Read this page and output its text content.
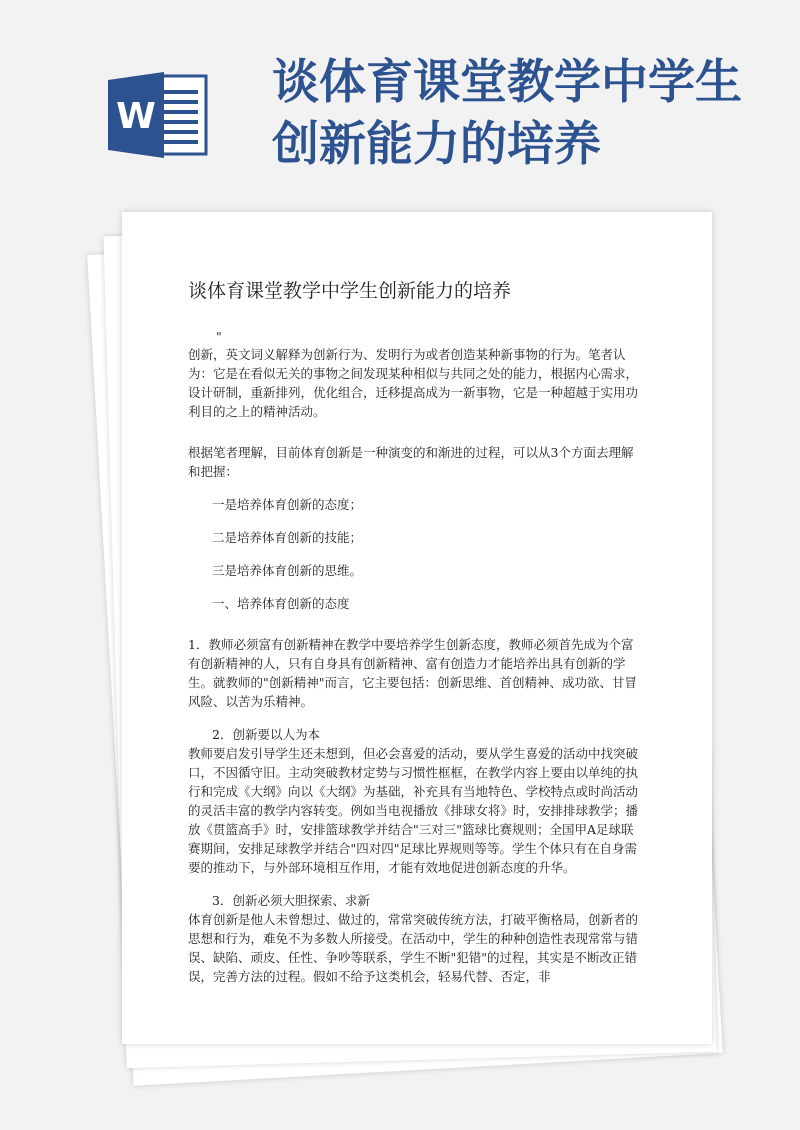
W
谈体育课堂教学中学生创新能力的培养
谈体育课堂教学中学生创新能力的培养

"

创新，英文词义解释为创新行为、发明行为或者创造某种新事物的行为。笔者认为：它是在看似无关的事物之间发现某种相似与共同之处的能力，根据内心需求，设计研制，重新排列，优化组合，迁移提高成为一新事物，它是一种超越于实用功利目的之上的精神活动。

根据笔者理解，目前体育创新是一种演变的和渐进的过程，可以从3个方面去理解和把握：

一是培养体育创新的态度；

二是培养体育创新的技能；

三是培养体育创新的思维。

一、培养体育创新的态度

1．教师必须富有创新精神在教学中要培养学生创新态度，教师必须首先成为个富有创新精神的人，只有自身具有创新精神、富有创造力才能培养出具有创新的学生。就教师的"创新精神"而言，它主要包括：创新思维、首创精神、成功欲、甘冒风险、以苦为乐精神。

2．创新要以人为本

教师要启发引导学生还未想到，但必会喜爱的活动，要从学生喜爱的活动中找突破口，不因循守旧。主动突破教材定势与习惯性框框，在教学内容上要由以单纯的执行和完成《大纲》向以《大纲》为基础，补充具有当地特色、学校特点或时尚活动的灵活丰富的教学内容转变。例如当电视播放《排球女将》时，安排排球教学；播放《贯篮高手》时，安排篮球教学并结合"三对三"篮球比赛规则；全国甲A足球联赛期间，安排足球教学并结合"四对四"足球比界规则等等。学生个体只有在自身需要的推动下，与外部环境相互作用，才能有效地促进创新态度的升华。

3．创新必须大胆探索、求新

体育创新是他人未曾想过、做过的，常常突破传统方法，打破平衡格局，创新者的思想和行为，难免不为多数人所接受。在活动中，学生的种种创造性表现常常与错误、缺陷、顽皮、任性、争吵等联系，学生不断"犯错"的过程，其实是不断改正错误，完善方法的过程。假如不给予这类机会，轻易代替、否定，非
